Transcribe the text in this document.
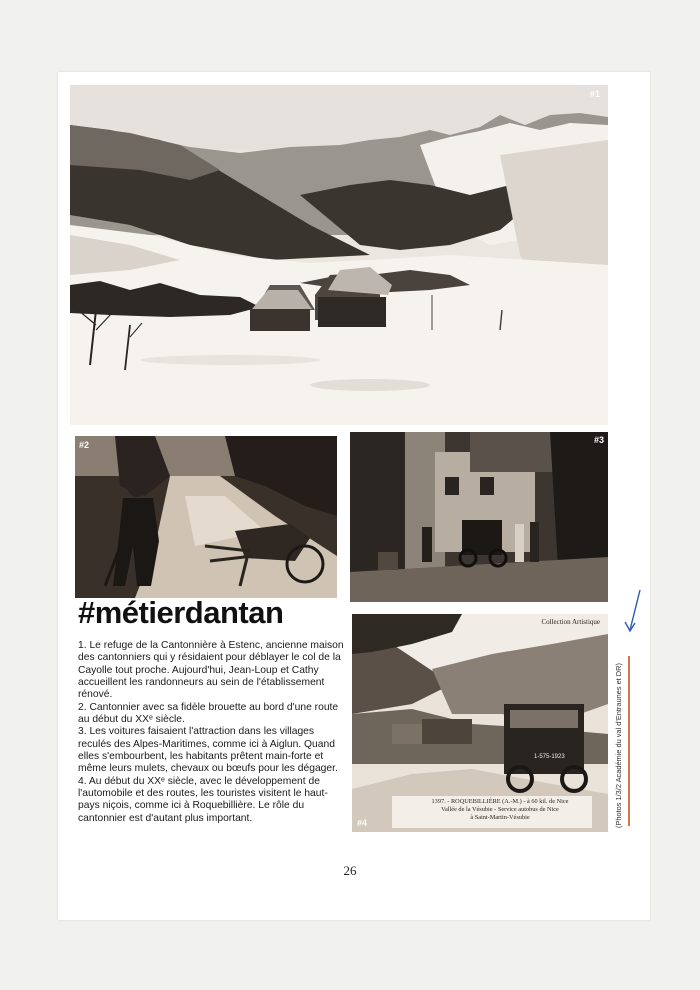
#1
#2	#3
Collection Artistique
1-575-1923
1397. - ROQUEBILLIÈRE (A.-M.) - à 60 kil. de Nice
Vallée de la Vésubie - Service autobus de Nice
à Saint-Martin-Vésubie
#4
#métierdantan

1. Le refuge de la Cantonnière à Estenc, ancienne maison des cantonniers qui y résidaient pour déblayer le col de la Cayolle tout proche. Aujourd'hui, Jean-Loup et Cathy accueillent les randonneurs au sein de l'établissement rénové.

2. Cantonnier avec sa fidèle brouette au bord d'une route au début du XXᵉ siècle.

3. Les voitures faisaient l'attraction dans les villages reculés des Alpes-Maritimes, comme ici à Aiglun. Quand elles s'embourbent, les habitants prêtent main-forte et même leurs mulets, chevaux ou bœufs pour les dégager.

4. Au début du XXᵉ siècle, avec le développement de l'automobile et des routes, les touristes visitent le haut-pays niçois, comme ici à Roquebillière. Le rôle du cantonnier est d'autant plus important.	(Photos 1/3/2 Académie du val d'Entraunes et DR)
26
